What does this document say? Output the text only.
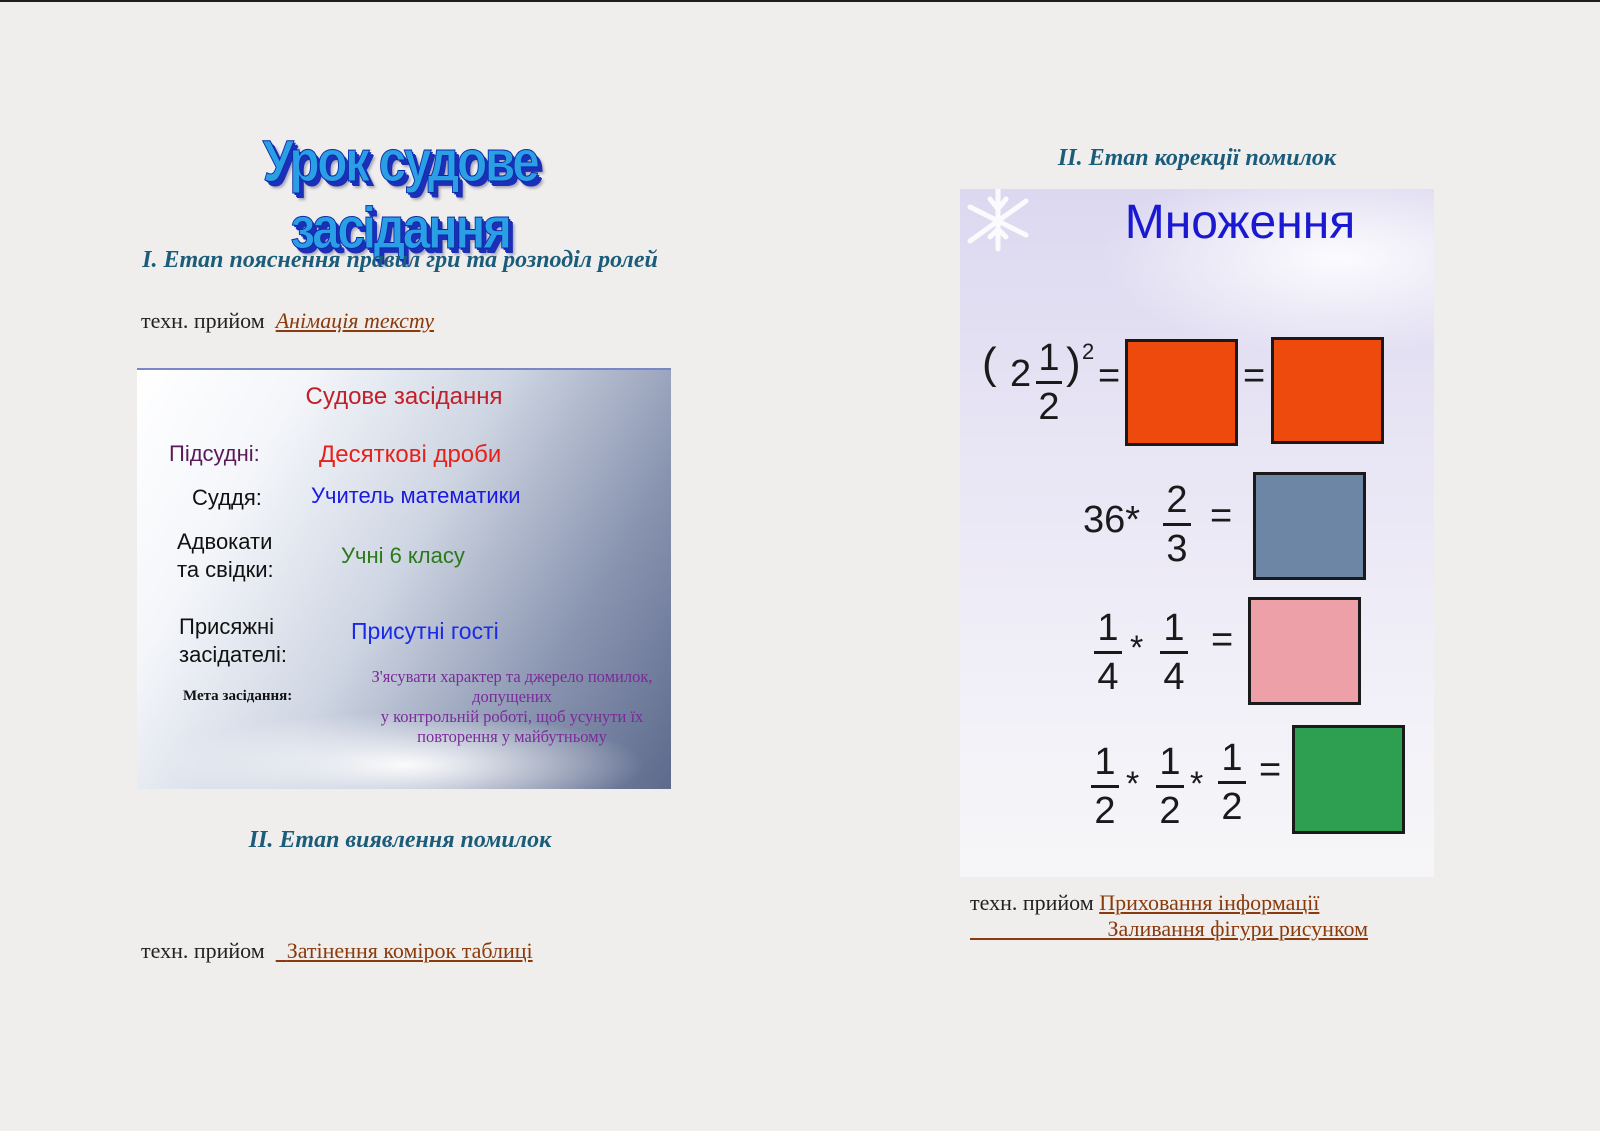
Урок судове засідання
І. Етап пояснення правил гри та розподіл ролей
техн. прийом Анімація тексту
Судове засідання
Підсудні: Десяткові дроби
Суддя: Учитель математики
Адвокати
та свідки:
Учні 6 класу
Присяжні
засідателі:
Присутні гості
Мета засідання:
З'ясувати характер та джерело помилок, допущених
у контрольній роботі, щоб усунути їх повторення у майбутньому
ІІ. Етап виявлення помилок
техн. прийом Затінення комірок таблиці
ІІ. Етап корекції помилок
Множення
( 2 1
2
) 2
=	=
36* 2
3
=
1
4
* 1
4
=
1
2
*
1
2
*
1
2
=
техн. прийом Приховання інформації
Заливання фігури рисунком
